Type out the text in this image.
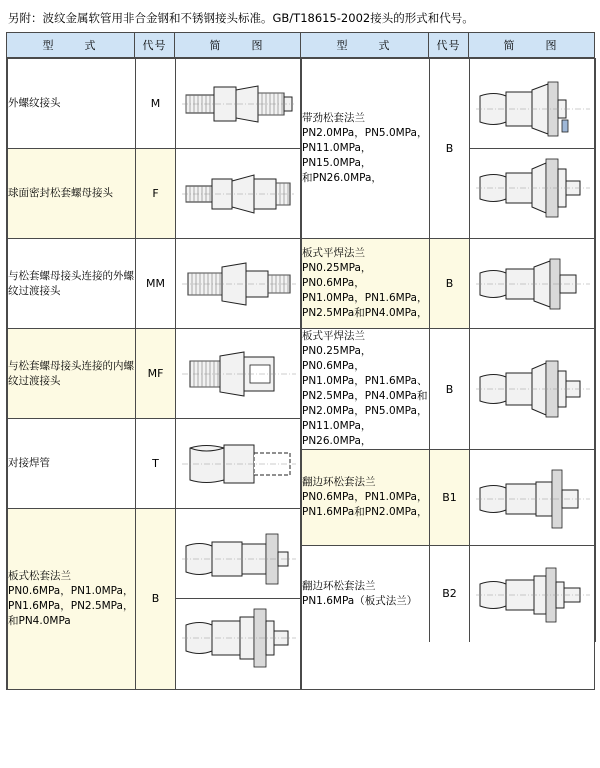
另附：波纹金属软管用非合金钢和不锈钢接头标准。GB/T18615-2002接头的形式和代号。
型　　式	代号	简　　图	型　　式	代号	简　　图

外螺纹接头	M	

球面密封松套螺母接头	F	

与松套螺母接头连接的外螺纹过渡接头
	MM	

与松套螺母接头连接的内螺纹过渡接头
	MF	

对接焊管	T	

板式松套法兰
PN0.6MPa，PN1.0MPa，
PN1.6MPa，PN2.5MPa，
和PN4.0MPa
	B	

带劲松套法兰
PN2.0MPa，PN5.0MPa，
PN11.0MPa，PN15.0MPa，
和PN26.0MPa，
	B	

板式平焊法兰
PN0.25MPa，PN0.6MPa，
PN1.0MPa，PN1.6MPa，
PN2.5MPa和PN4.0MPa，
	B	

板式平焊法兰
PN0.25MPa，PN0.6MPa，
PN1.0MPa，PN1.6MPa、
PN2.5MPa，PN4.0MPa和
PN2.0MPa，PN5.0MPa，
PN11.0MPa，PN26.0MPa，
	B	

翻边环松套法兰
PN0.6MPa，PN1.0MPa，
PN1.6MPa和PN2.0MPa，
	B1	

翻边环松套法兰
PN1.6MPa（板式法兰）
	B2	
